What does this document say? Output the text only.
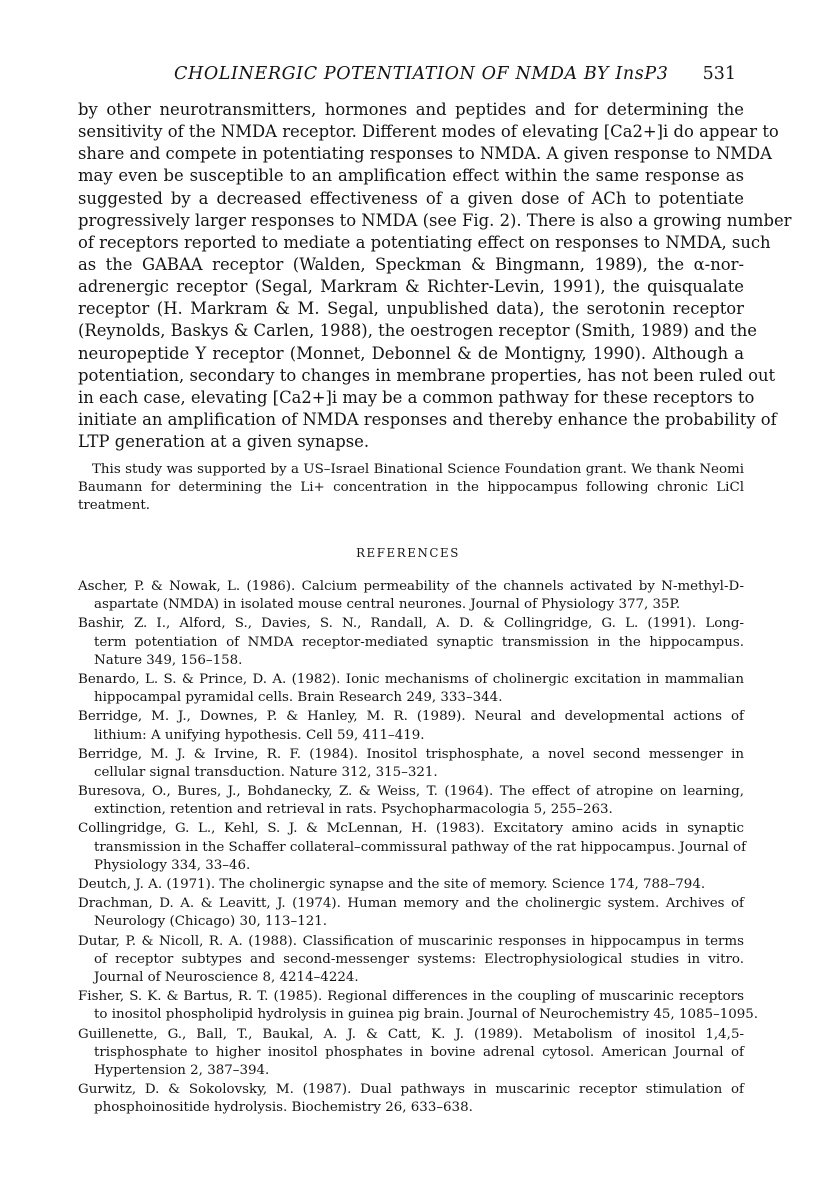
CHOLINERGIC POTENTIATION OF NMDA BY InsP3 531
by other neurotransmitters, hormones and peptides and for determining the
sensitivity of the NMDA receptor. Different modes of elevating [Ca2+]i do appear to
share and compete in potentiating responses to NMDA. A given response to NMDA
may even be susceptible to an amplification effect within the same response as
suggested by a decreased effectiveness of a given dose of ACh to potentiate
progressively larger responses to NMDA (see Fig. 2). There is also a growing number
of receptors reported to mediate a potentiating effect on responses to NMDA, such
as the GABAA receptor (Walden, Speckman & Bingmann, 1989), the α-nor-
adrenergic receptor (Segal, Markram & Richter-Levin, 1991), the quisqualate
receptor (H. Markram & M. Segal, unpublished data), the serotonin receptor
(Reynolds, Baskys & Carlen, 1988), the oestrogen receptor (Smith, 1989) and the
neuropeptide Y receptor (Monnet, Debonnel & de Montigny, 1990). Although a
potentiation, secondary to changes in membrane properties, has not been ruled out
in each case, elevating [Ca2+]i may be a common pathway for these receptors to
initiate an amplification of NMDA responses and thereby enhance the probability of
LTP generation at a given synapse.
This study was supported by a US–Israel Binational Science Foundation grant. We thank Neomi
Baumann for determining the Li+ concentration in the hippocampus following chronic LiCl
treatment.
REFERENCES
Ascher, P. & Nowak, L. (1986). Calcium permeability of the channels activated by N-methyl-D-
aspartate (NMDA) in isolated mouse central neurones. Journal of Physiology 377, 35P.
Bashir, Z. I., Alford, S., Davies, S. N., Randall, A. D. & Collingridge, G. L. (1991). Long-
term potentiation of NMDA receptor-mediated synaptic transmission in the hippocampus.
Nature 349, 156–158.
Benardo, L. S. & Prince, D. A. (1982). Ionic mechanisms of cholinergic excitation in mammalian
hippocampal pyramidal cells. Brain Research 249, 333–344.
Berridge, M. J., Downes, P. & Hanley, M. R. (1989). Neural and developmental actions of
lithium: A unifying hypothesis. Cell 59, 411–419.
Berridge, M. J. & Irvine, R. F. (1984). Inositol trisphosphate, a novel second messenger in
cellular signal transduction. Nature 312, 315–321.
Buresova, O., Bures, J., Bohdanecky, Z. & Weiss, T. (1964). The effect of atropine on learning,
extinction, retention and retrieval in rats. Psychopharmacologia 5, 255–263.
Collingridge, G. L., Kehl, S. J. & McLennan, H. (1983). Excitatory amino acids in synaptic
transmission in the Schaffer collateral–commissural pathway of the rat hippocampus. Journal of
Physiology 334, 33–46.
Deutch, J. A. (1971). The cholinergic synapse and the site of memory. Science 174, 788–794.
Drachman, D. A. & Leavitt, J. (1974). Human memory and the cholinergic system. Archives of
Neurology (Chicago) 30, 113–121.
Dutar, P. & Nicoll, R. A. (1988). Classification of muscarinic responses in hippocampus in terms
of receptor subtypes and second-messenger systems: Electrophysiological studies in vitro.
Journal of Neuroscience 8, 4214–4224.
Fisher, S. K. & Bartus, R. T. (1985). Regional differences in the coupling of muscarinic receptors
to inositol phospholipid hydrolysis in guinea pig brain. Journal of Neurochemistry 45, 1085–1095.
Guillenette, G., Ball, T., Baukal, A. J. & Catt, K. J. (1989). Metabolism of inositol 1,4,5-
trisphosphate to higher inositol phosphates in bovine adrenal cytosol. American Journal of
Hypertension 2, 387–394.
Gurwitz, D. & Sokolovsky, M. (1987). Dual pathways in muscarinic receptor stimulation of
phosphoinositide hydrolysis. Biochemistry 26, 633–638.
